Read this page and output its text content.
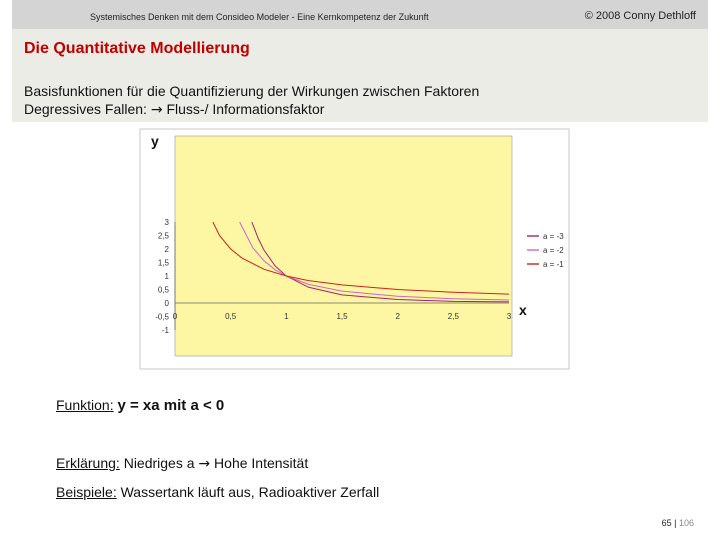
Systemisches Denken mit dem Consideo Modeler - Eine Kernkompetenz der Zukunft	© 2008 Conny Dethloff
Die Quantitative Modellierung
Basisfunktionen für die Quantifizierung der Wirkungen zwischen Faktoren
Degressives Fallen: → Fluss-/ Informationsfaktor
-1
-0,5
0
0,5
1
1,5
2
2,5
3
0	0,5	1	1,5	2	2,5	3
y
x
a = -3
a = -2
a = -1
Funktion: y = xa mit a < 0
Erklärung: Niedriges a → Hohe Intensität
Beispiele: Wassertank läuft aus, Radioaktiver Zerfall
65 | 106
